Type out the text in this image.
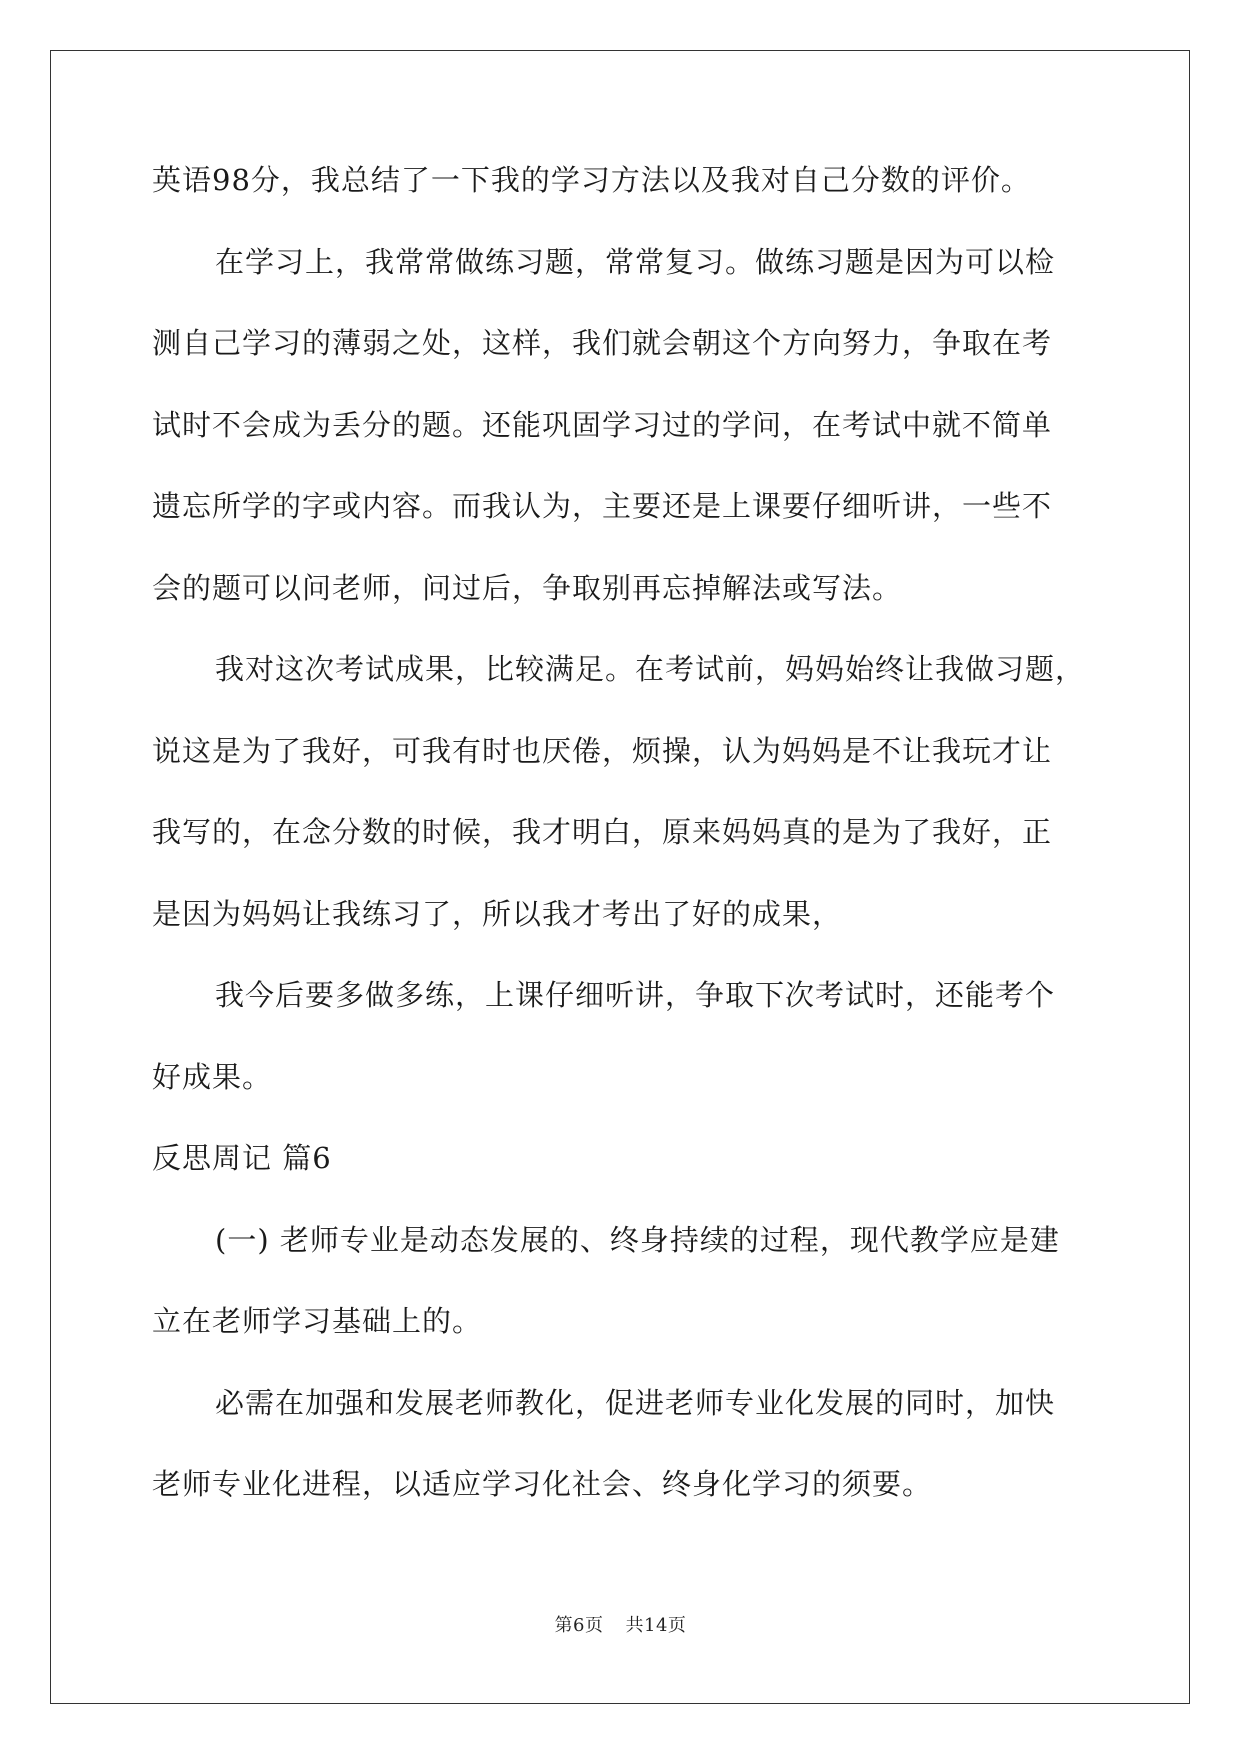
英语98分，我总结了一下我的学习方法以及我对自己分数的评价。
在学习上，我常常做练习题，常常复习。做练习题是因为可以检
测自己学习的薄弱之处，这样，我们就会朝这个方向努力，争取在考
试时不会成为丢分的题。还能巩固学习过的学问，在考试中就不简单
遗忘所学的字或内容。而我认为，主要还是上课要仔细听讲，一些不
会的题可以问老师，问过后，争取别再忘掉解法或写法。
我对这次考试成果，比较满足。在考试前，妈妈始终让我做习题，
说这是为了我好，可我有时也厌倦，烦操，认为妈妈是不让我玩才让
我写的，在念分数的时候，我才明白，原来妈妈真的是为了我好，正
是因为妈妈让我练习了，所以我才考出了好的成果，
我今后要多做多练，上课仔细听讲，争取下次考试时，还能考个
好成果。
反思周记 篇6
(一) 老师专业是动态发展的、终身持续的过程，现代教学应是建
立在老师学习基础上的。
必需在加强和发展老师教化，促进老师专业化发展的同时，加快
老师专业化进程，以适应学习化社会、终身化学习的须要。
第6页 共14页
